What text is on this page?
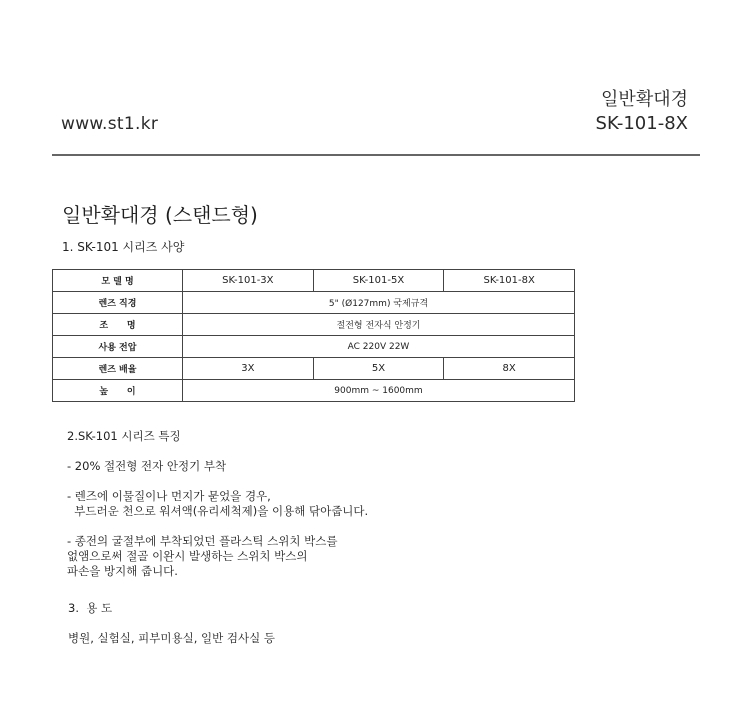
www.st1.kr
일반확대경
SK-101-8X
일반확대경 (스탠드형)
1. SK-101 시리즈 사양
모 델 명	SK-101-3X	SK-101-5X	SK-101-8X
렌즈 직경	5" (Ø127mm) 국제규격		
조      명	절전형 전자식 안정기		
사용 전압	AC 220V 22W		
렌즈 배율	3X	5X	8X
높      이	900mm ~ 1600mm		

2.SK-101 시리즈 특징

- 20% 절전형 전자 안정기 부착

- 렌즈에 이물질이나 먼지가 묻었을 경우,

부드러운 천으로 워셔액(유리세척제)을 이용해 닦아줍니다.

- 종전의 굴절부에 부착되었던 플라스틱 스위치 박스를

없앰으로써 절골 이완시 발생하는 스위치 박스의

파손을 방지해 줍니다.

3.  용 도
병원, 실험실, 피부미용실, 일반 검사실 등
